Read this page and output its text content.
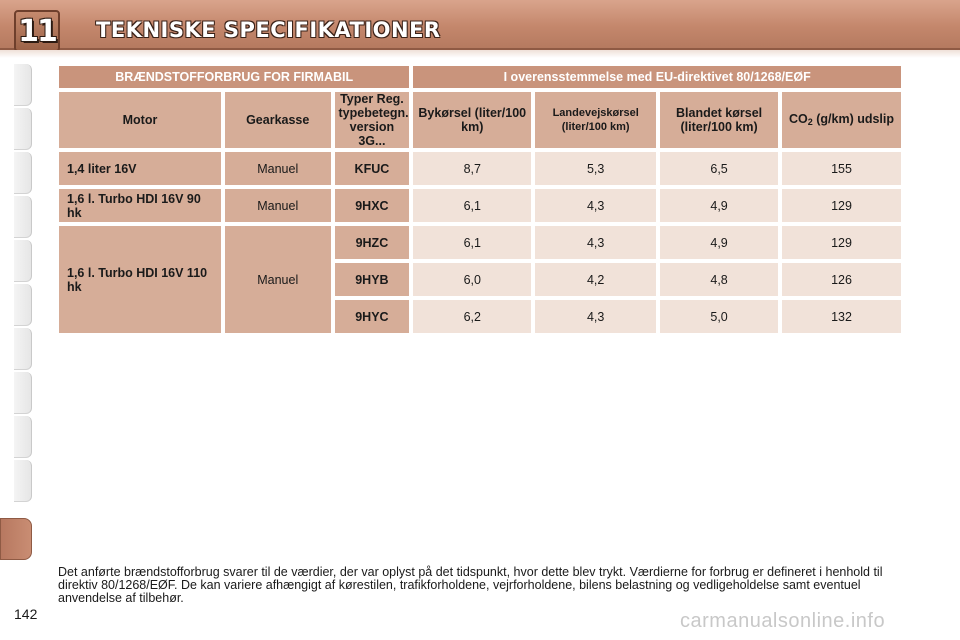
11 TEKNISKE SPECIFIKATIONER
BRÆNDSTOFFORBRUG FOR FIRMABIL			I overensstemmelse med EU-direktivet 80/1268/EØF			
Motor	Gearkasse	Typer Reg. typebetegn. version 3G...	Bykørsel (liter/100 km)	Landevejskørsel (liter/100 km)	Blandet kørsel (liter/100 km)	$CO_2$ (g/km) udslip
1,4 liter 16V	Manuel	KFUC	8,7	5,3	6,5	155
1,6 l. Turbo HDI 16V 90 hk	Manuel	9HXC	6,1	4,3	4,9	129
1,6 l. Turbo HDI 16V 110 hk	Manuel	9HZC	6,1	4,3	4,9	129
		9HYB	6,0	4,2	4,8	126
		9HYC	6,2	4,3	5,0	132
Det anførte brændstofforbrug svarer til de værdier, der var oplyst på det tidspunkt, hvor dette blev trykt. Værdierne for forbrug er defineret i henhold til direktiv 80/1268/EØF. De kan variere afhængigt af kørestilen, trafikforholdene, vejrforholdene, bilens belastning og vedligeholdelse samt eventuel anvendelse af tilbehør.
142	carmanualsonline.info
